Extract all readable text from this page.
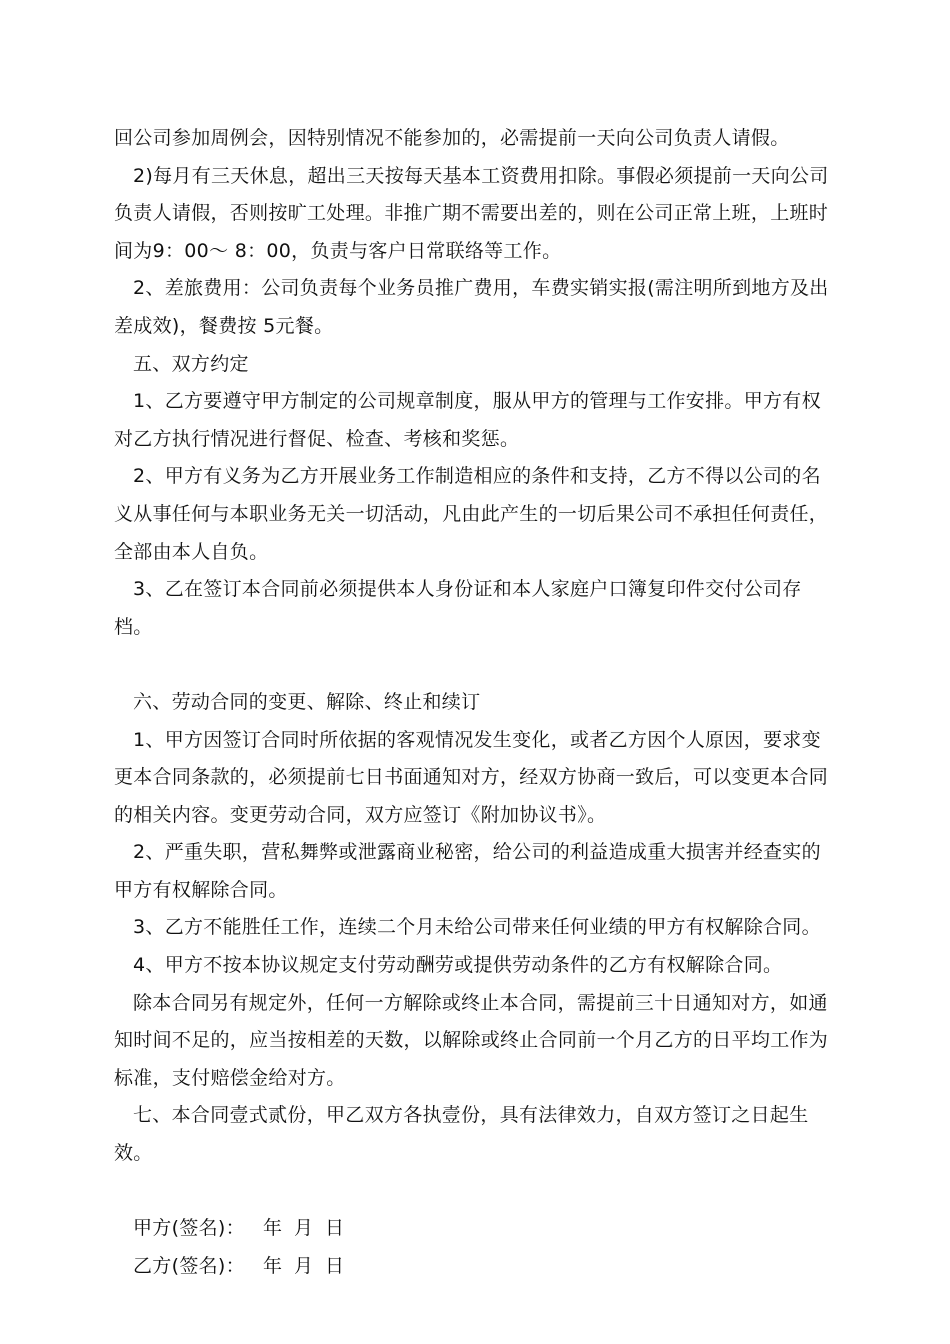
回公司参加周例会，因特别情况不能参加的，必需提前一天向公司负责人请假。

2)每月有三天休息，超出三天按每天基本工资费用扣除。事假必须提前一天向公司负责人请假，否则按旷工处理。非推广期不需要出差的，则在公司正常上班，上班时间为9：00～ 8：00，负责与客户日常联络等工作。

2、差旅费用：公司负责每个业务员推广费用，车费实销实报(需注明所到地方及出差成效)，餐费按 5元餐。

五、双方约定

1、乙方要遵守甲方制定的公司规章制度，服从甲方的管理与工作安排。甲方有权对乙方执行情况进行督促、检查、考核和奖惩。

2、甲方有义务为乙方开展业务工作制造相应的条件和支持，乙方不得以公司的名义从事任何与本职业务无关一切活动，凡由此产生的一切后果公司不承担任何责任，全部由本人自负。

3、乙在签订本合同前必须提供本人身份证和本人家庭户口簿复印件交付公司存档。

六、劳动合同的变更、解除、终止和续订

1、甲方因签订合同时所依据的客观情况发生变化，或者乙方因个人原因，要求变更本合同条款的，必须提前七日书面通知对方，经双方协商一致后，可以变更本合同的相关内容。变更劳动合同，双方应签订《附加协议书》。

2、严重失职，营私舞弊或泄露商业秘密，给公司的利益造成重大损害并经查实的甲方有权解除合同。

3、乙方不能胜任工作，连续二个月未给公司带来任何业绩的甲方有权解除合同。

4、甲方不按本协议规定支付劳动酬劳或提供劳动条件的乙方有权解除合同。

除本合同另有规定外，任何一方解除或终止本合同，需提前三十日通知对方，如通知时间不足的，应当按相差的天数，以解除或终止合同前一个月乙方的日平均工作为标准，支付赔偿金给对方。

七、本合同壹式贰份，甲乙双方各执壹份，具有法律效力，自双方签订之日起生效。

甲方(签名)： 年 月 日

乙方(签名)： 年 月 日
